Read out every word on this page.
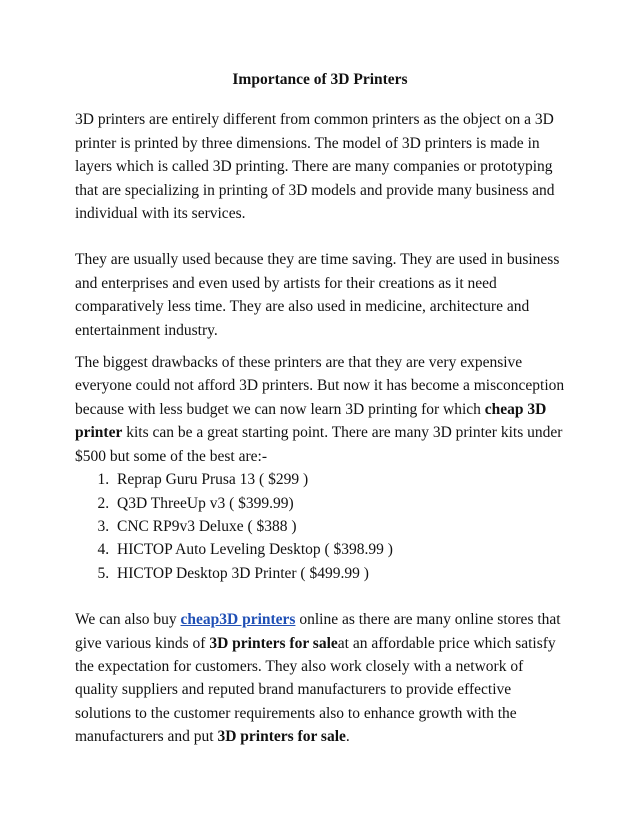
Importance of 3D Printers

3D printers are entirely different from common printers as the object on a 3D printer is printed by three dimensions. The model of 3D printers is made in layers which is called 3D printing. There are many companies or prototyping that are specializing in printing of 3D models and provide many business and individual with its services.

They are usually used because they are time saving. They are used in business and enterprises and even used by artists for their creations as it need comparatively less time. They are also used in medicine, architecture and entertainment industry.

The biggest drawbacks of these printers are that they are very expensive everyone could not afford 3D printers. But now it has become a misconception because with less budget we can now learn 3D printing for which cheap 3D printer kits can be a great starting point. There are many 3D printer kits under $500 but some of the best are:-

1. Reprap Guru Prusa 13 ( $299 )
2. Q3D ThreeUp v3 ( $399.99)
3. CNC RP9v3 Deluxe ( $388 )
4. HICTOP Auto Leveling Desktop ( $398.99 )
5. HICTOP Desktop 3D Printer ( $499.99 )

We can also buy cheap3D printers online as there are many online stores that give various kinds of 3D printers for saleat an affordable price which satisfy the expectation for customers. They also work closely with a network of quality suppliers and reputed brand manufacturers to provide effective solutions to the customer requirements also to enhance growth with the manufacturers and put 3D printers for sale.
